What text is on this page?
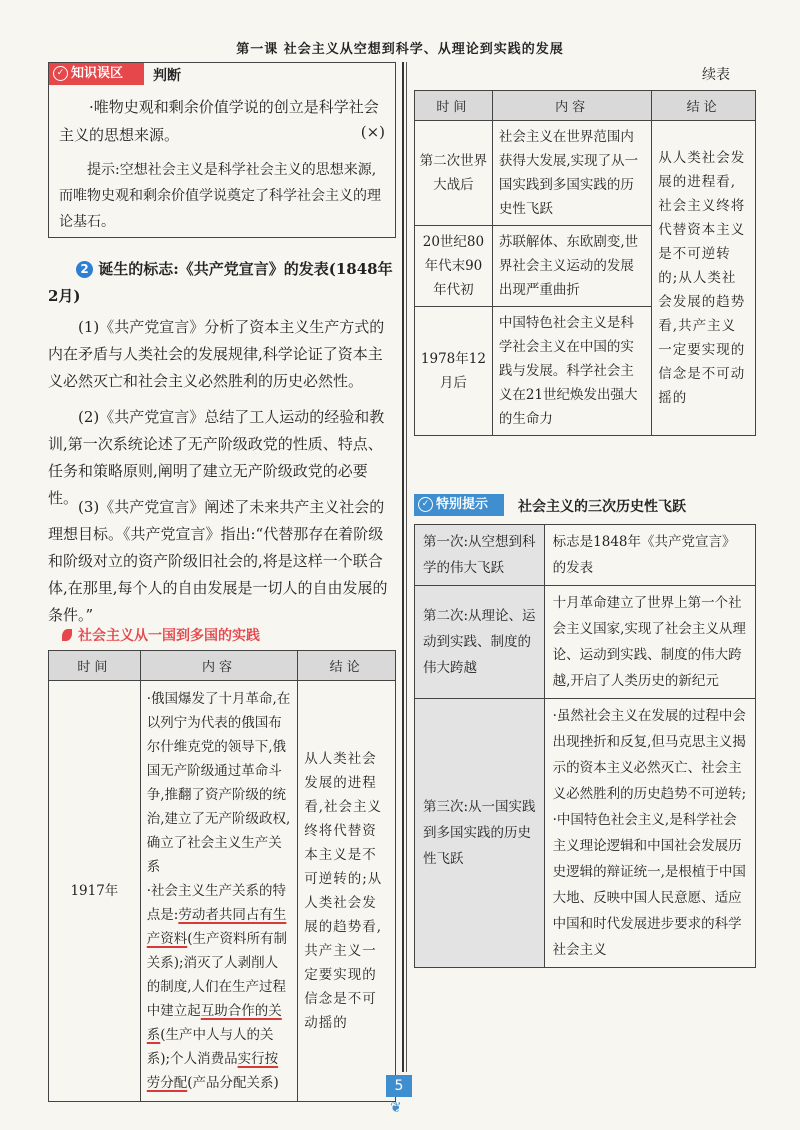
第一课 社会主义从空想到科学、从理论到实践的发展
✓ 知识误区	判断
·唯物史观和剩余价值学说的创立是科学社会主义的思想来源。	(×)
提示:空想社会主义是科学社会主义的思想来源,而唯物史观和剩余价值学说奠定了科学社会主义的理论基石。
2 诞生的标志:《共产党宣言》的发表(1848年2月)
(1)《共产党宣言》分析了资本主义生产方式的内在矛盾与人类社会的发展规律,科学论证了资本主义必然灭亡和社会主义必然胜利的历史必然性。
(2)《共产党宣言》总结了工人运动的经验和教训,第一次系统论述了无产阶级政党的性质、特点、任务和策略原则,阐明了建立无产阶级政党的必要性。 (3)《共产党宣言》阐述了未来共产主义社会的理想目标。《共产党宣言》指出:“代替那存在着阶级和阶级对立的资产阶级旧社会的,将是这样一个联合体,在那里,每个人的自由发展是一切人的自由发展的条件。”
社会主义从一国到多国的实践
时间	内容	结论
1917年	·俄国爆发了十月革命,在以列宁为代表的俄国布尔什维克党的领导下,俄国无产阶级通过革命斗争,推翻了资产阶级的统治,建立了无产阶级政权,确立了社会主义生产关系
·社会主义生产关系的特点是:劳动者共同占有生产资料(生产资料所有制关系);消灭了人剥削人的制度,人们在生产过程中建立起互助合作的关系(生产中人与人的关系);个人消费品实行按劳分配(产品分配关系)	从人类社会发展的进程看,社会主义终将代替资本主义是不可逆转的;从人类社会发展的趋势看,共产主义一定要实现的信念是不可动摇的
续表
时间	内容	结论
第二次世界大战后	社会主义在世界范围内获得大发展,实现了从一国实践到多国实践的历史性飞跃	从人类社会发展的进程看,社会主义终将代替资本主义是不可逆转的;从人类社会发展的趋势看,共产主义一定要实现的信念是不可动摇的
20世纪80年代末90年代初	苏联解体、东欧剧变,世界社会主义运动的发展出现严重曲折	
1978年12月后	中国特色社会主义是科学社会主义在中国的实践与发展。科学社会主义在21世纪焕发出强大的生命力	
✓ 特别提示	社会主义的三次历史性飞跃
第一次:从空想到科学的伟大飞跃	标志是1848年《共产党宣言》的发表
第二次:从理论、运动到实践、制度的伟大跨越	十月革命建立了世界上第一个社会主义国家,实现了社会主义从理论、运动到实践、制度的伟大跨越,开启了人类历史的新纪元
第三次:从一国实践到多国实践的历史性飞跃	·虽然社会主义在发展的过程中会出现挫折和反复,但马克思主义揭示的资本主义必然灭亡、社会主义必然胜利的历史趋势不可逆转;
·中国特色社会主义,是科学社会主义理论逻辑和中国社会发展历史逻辑的辩证统一,是根植于中国大地、反映中国人民意愿、适应中国和时代发展进步要求的科学社会主义
5
❦
